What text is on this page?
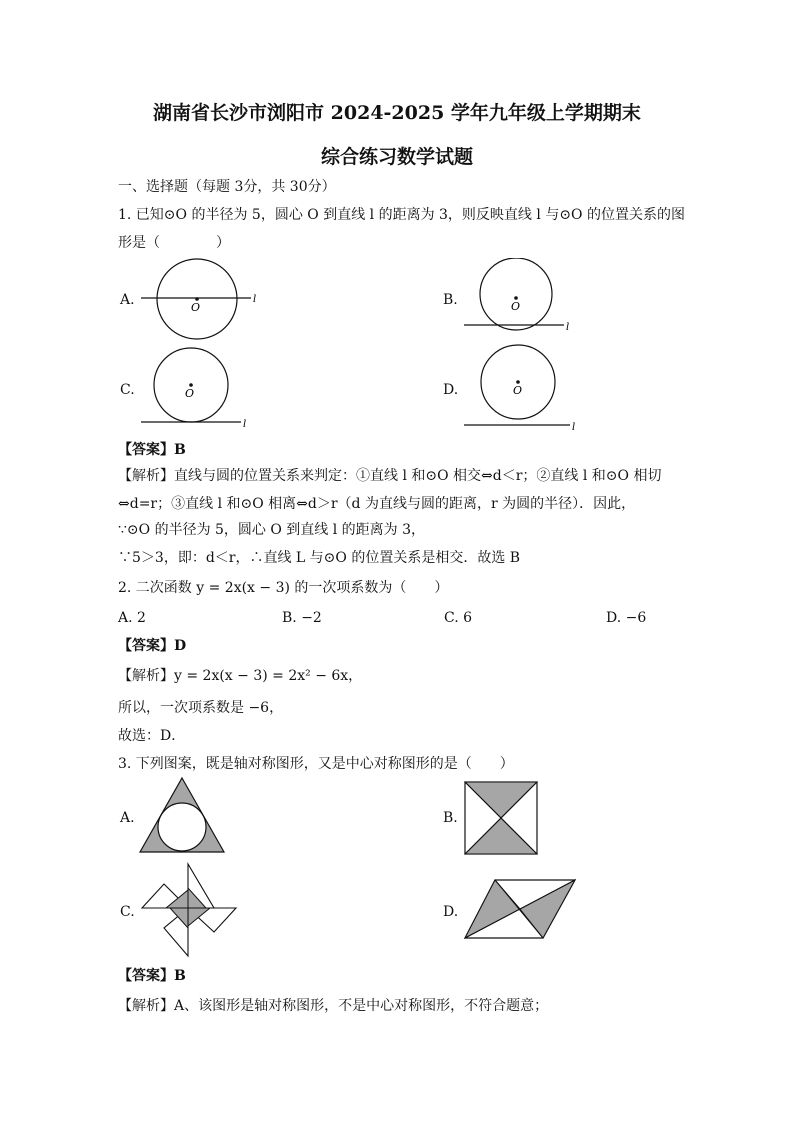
湖南省长沙市浏阳市 2024-2025 学年九年级上学期期末
综合练习数学试题
一、选择题（每题 3分，共 30分）
1. 已知⊙O 的半径为 5，圆心 O 到直线 l 的距离为 3，则反映直线 l 与⊙O 的位置关系的图
形是（　　　　）
A.	O
l	B.	O
l
C.	O
l
D.	O
l
【答案】B
【解析】直线与圆的位置关系来判定：①直线 l 和⊙O 相交⇔d＜r；②直线 l 和⊙O 相切
⇔d=r；③直线 l 和⊙O 相离⇔d＞r（d 为直线与圆的距离，r 为圆的半径）．因此，
∵⊙O 的半径为 5，圆心 O 到直线 l 的距离为 3，
∵5＞3，即：d＜r，∴直线 L 与⊙O 的位置关系是相交．故选 B
2. 二次函数 y = 2x(x − 3) 的一次项系数为（　　）
A. 2	B. −2	C. 6	D. −6
【答案】D
【解析】y = 2x(x − 3) = 2x² − 6x，
所以，一次项系数是 −6，
故选：D．
3. 下列图案，既是轴对称图形，又是中心对称图形的是（　　）
A.	B.
C.	D.
【答案】B
【解析】A、该图形是轴对称图形，不是中心对称图形，不符合题意；
